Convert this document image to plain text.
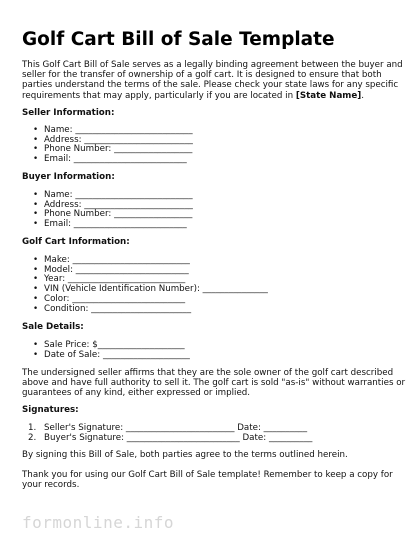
Golf Cart Bill of Sale Template

This Golf Cart Bill of Sale serves as a legally binding agreement between the buyer and seller for the transfer of ownership of a golf cart. It is designed to ensure that both parties understand the terms of the sale. Please check your state laws for any specific requirements that may apply, particularly if you are located in [State Name].

Seller Information:
• Name: ___________________________
• Address: _________________________
• Phone Number: __________________
• Email: __________________________
Buyer Information:
• Name: ___________________________
• Address: _________________________
• Phone Number: __________________
• Email: __________________________
Golf Cart Information:
• Make: ___________________________
• Model: __________________________
• Year: ___________________________
• VIN (Vehicle Identification Number): _______________
• Color: __________________________
• Condition: _______________________
Sale Details:
• Sale Price: $____________________
• Date of Sale: ____________________

The undersigned seller affirms that they are the sole owner of the golf cart described above and have full authority to sell it. The golf cart is sold "as-is" without warranties or guarantees of any kind, either expressed or implied.

Signatures:
1. Seller's Signature: _________________________ Date: __________
2. Buyer's Signature: __________________________ Date: __________

By signing this Bill of Sale, both parties agree to the terms outlined herein.

Thank you for using our Golf Cart Bill of Sale template! Remember to keep a copy for your records.

formonline.info
